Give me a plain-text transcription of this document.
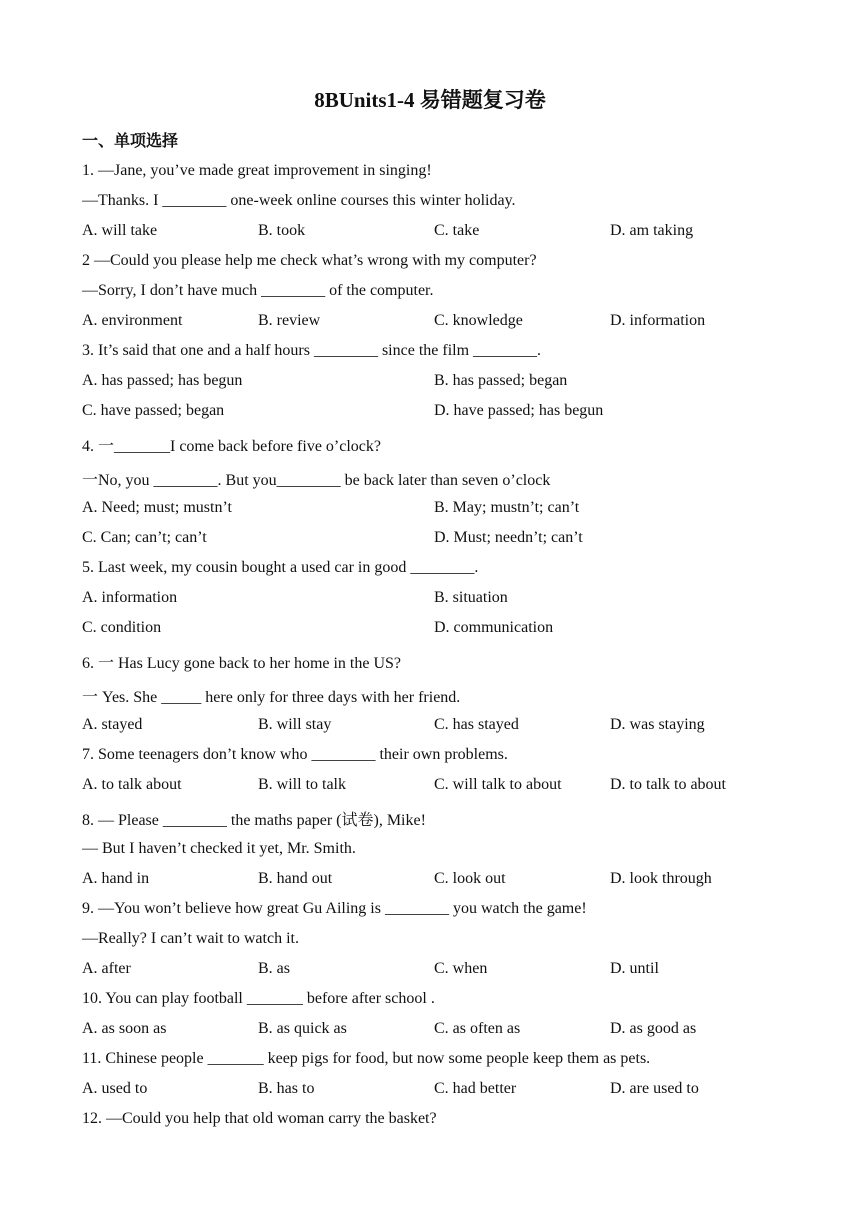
8BUnits1-4 易错题复习卷
一、单项选择
1. —Jane, you’ve made great improvement in singing!
—Thanks. I ________ one-week online courses this winter holiday.
A. will take	B. took	C. take	D. am taking
2 —Could you please help me check what’s wrong with my computer?
—Sorry, I don’t have much ________ of the computer.
A. environment	B. review	C. knowledge	D. information
3. It’s said that one and a half hours ________ since the film ________.
A. has passed; has begun	B. has passed; began
C. have passed; began	D. have passed; has begun
4. 一_______I come back before five o’clock?
一No, you ________. But you________ be back later than seven o’clock
A. Need; must; mustn’t	B. May; mustn’t; can’t
C. Can; can’t; can’t	D. Must; needn’t; can’t
5. Last week, my cousin bought a used car in good ________.
A. information	B. situation
C. condition	D. communication
6. 一 Has Lucy gone back to her home in the US?
一 Yes. She _____ here only for three days with her friend.
A. stayed	B. will stay	C. has stayed	D. was staying
7. Some teenagers don’t know who ________ their own problems.
A. to talk about	B. will to talk	C. will talk to about	D. to talk to about
8. — Please ________ the maths paper (试卷), Mike!
— But I haven’t checked it yet, Mr. Smith.
A. hand in	B. hand out	C. look out	D. look through
9. —You won’t believe how great Gu Ailing is ________ you watch the game!
—Really? I can’t wait to watch it.
A. after	B. as	C. when	D. until
10. You can play football _______ before after school .
A. as soon as	B. as quick as	C. as often as	D. as good as
11. Chinese people _______ keep pigs for food, but now some people keep them as pets.
A. used to	B. has to	C. had better	D. are used to
12. —Could you help that old woman carry the basket?
